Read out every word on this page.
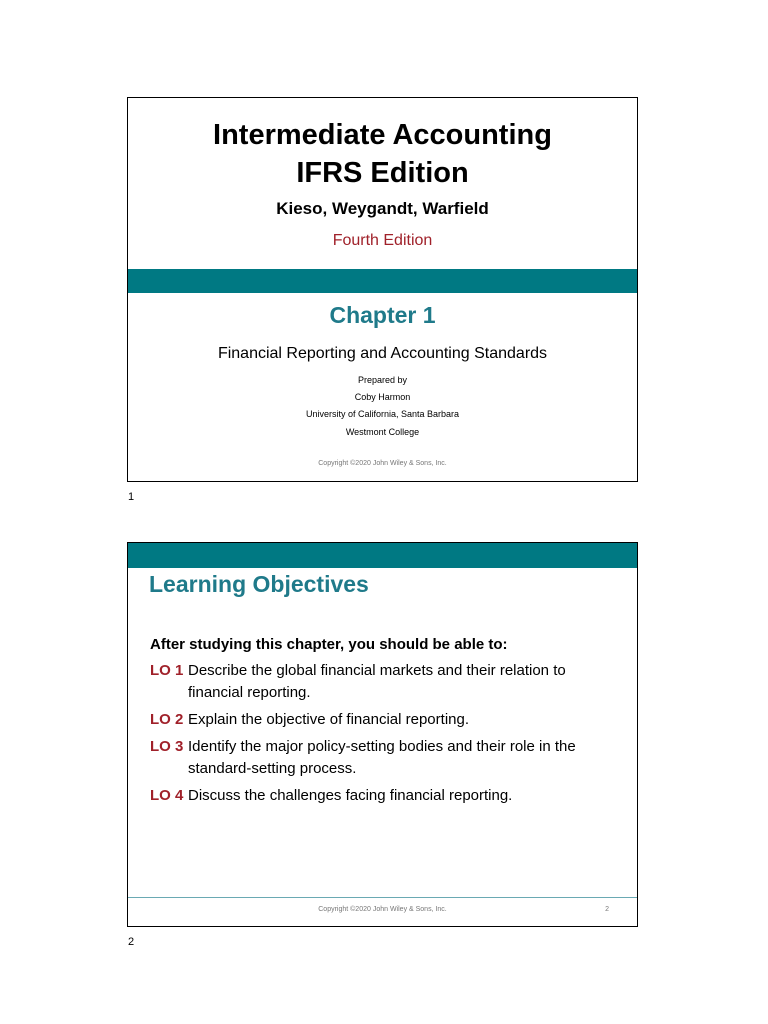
Intermediate Accounting
IFRS Edition
Kieso, Weygandt, Warfield
Fourth Edition
Chapter 1
Financial Reporting and Accounting Standards
Prepared by
Coby Harmon
University of California, Santa Barbara
Westmont College
Copyright ©2020 John Wiley & Sons, Inc.
1
Learning Objectives
After studying this chapter, you should be able to:
LO 1 Describe the global financial markets and their relation to financial reporting.
LO 2 Explain the objective of financial reporting.
LO 3 Identify the major policy-setting bodies and their role in the standard-setting process.
LO 4 Discuss the challenges facing financial reporting.
Copyright ©2020 John Wiley & Sons, Inc.	2
2
